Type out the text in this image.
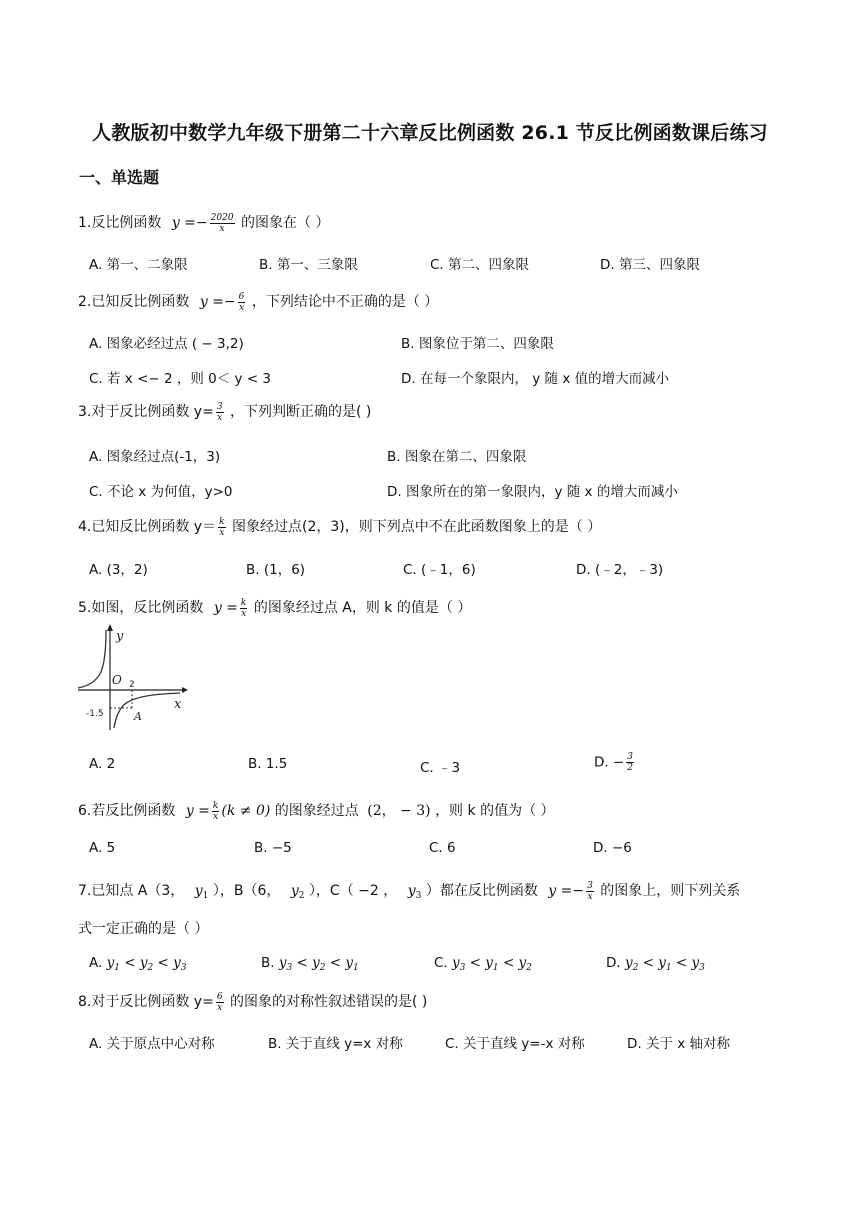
人教版初中数学九年级下册第二十六章反比例函数 26.1 节反比例函数课后练习
一、单选题
1.反比例函数 $y =- \frac{2020}{x}$ 的图象在（ ）
A. 第一、二象限	B. 第一、三象限	C. 第二、四象限	D. 第三、四象限
2.已知反比例函数 $y =- \frac{6}{x}$ ，下列结论中不正确的是（ ）
A. 图象必经过点 ( − 3,2)	B. 图象位于第二、四象限
C. 若 x <− 2 ，则 0＜ y < 3	D. 在每一个象限内， y 随 x 值的增大而减小
3.对于反比例函数 $y= \frac{3}{x}$ ，下列判断正确的是( )
A. 图象经过点(-1，3)	B. 图象在第二、四象限
C. 不论 x 为何值，y>0	D. 图象所在的第一象限内，y 随 x 的增大而减小
4.已知反比例函数 $y= \frac{k}{x}$ 图象经过点(2，3)，则下列点中不在此函数图象上的是（ ）
A. (3，2)	B. (1，6)	C. (﹣1，6)	D. (﹣2，﹣3)
5.如图，反比例函数 $y = \frac{k}{x}$ 的图象经过点 A，则 k 的值是（ ）
y
x
O 2
-1.5	A
A. 2	B. 1.5	C. ﹣3	D. − $\frac{3}{2}$
6.若反比例函数 $y = \frac{k}{x} (k \ne 0)$ 的图象经过点 (2， − 3) ，则 k 的值为（ ）
A. 5	B. −5	C. 6	D. −6
7.已知点 A（3， $y_1$ ），B（6， $y_2$ ），C（ −2 ， $y_3$ ）都在反比例函数 $y =- \frac{3}{x}$ 的图象上，则下列关系
式一定正确的是（ ）
A. $y_1 < y_2 < y_3$	B. $y_3 < y_2 < y_1$	C. $y_3 < y_1 < y_2$	D. $y_2 < y_1 < y_3$
8.对于反比例函数 $y= \frac{6}{x}$ 的图象的对称性叙述错误的是( )
A. 关于原点中心对称	B. 关于直线 y=x 对称	C. 关于直线 y=-x 对称	D. 关于 x 轴对称
